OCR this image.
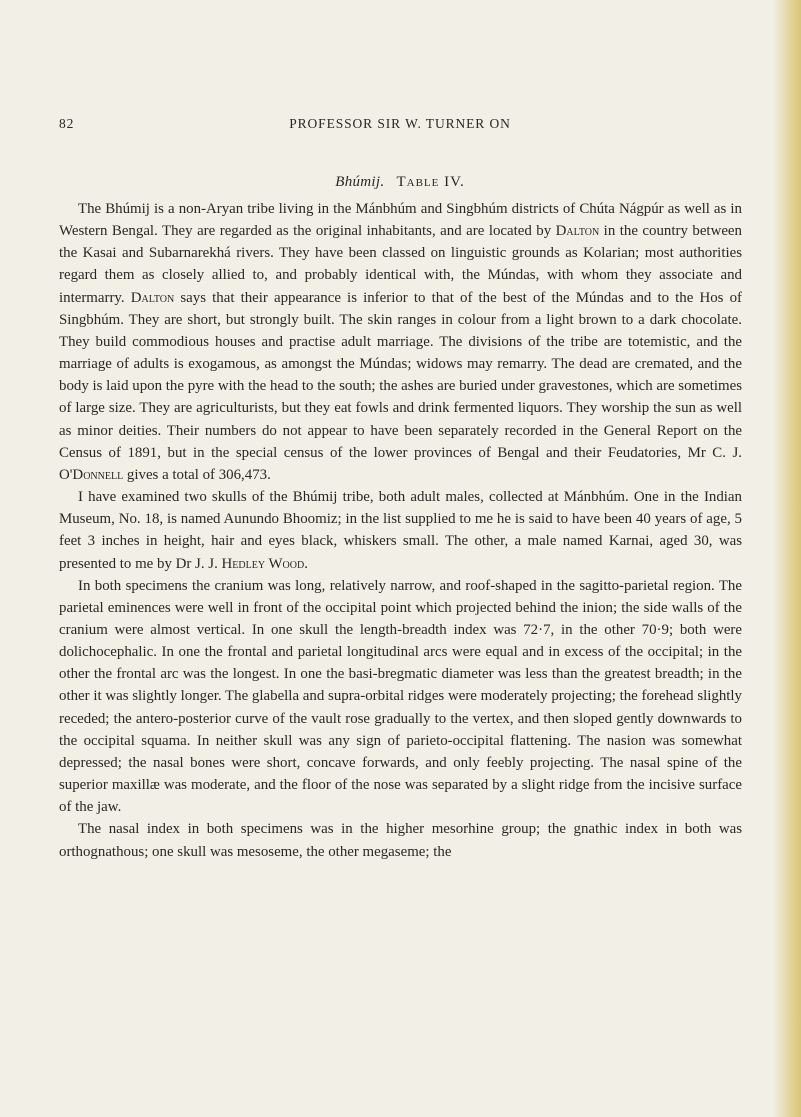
82	PROFESSOR SIR W. TURNER ON
Bhúmij. Table IV.

The Bhúmij is a non-Aryan tribe living in the Mánbhúm and Singbhúm districts of Chúta Nágpúr as well as in Western Bengal. They are regarded as the original inhabitants, and are located by Dalton in the country between the Kasai and Subarnarekhá rivers. They have been classed on linguistic grounds as Kolarian; most authorities regard them as closely allied to, and probably identical with, the Múndas, with whom they associate and intermarry. Dalton says that their appearance is inferior to that of the best of the Múndas and to the Hos of Singbhúm. They are short, but strongly built. The skin ranges in colour from a light brown to a dark chocolate. They build commodious houses and practise adult marriage. The divisions of the tribe are totemistic, and the marriage of adults is exogamous, as amongst the Múndas; widows may remarry. The dead are cremated, and the body is laid upon the pyre with the head to the south; the ashes are buried under gravestones, which are sometimes of large size. They are agriculturists, but they eat fowls and drink fermented liquors. They worship the sun as well as minor deities. Their numbers do not appear to have been separately recorded in the General Report on the Census of 1891, but in the special census of the lower provinces of Bengal and their Feudatories, Mr C. J. O'Donnell gives a total of 306,473.

I have examined two skulls of the Bhúmij tribe, both adult males, collected at Mánbhúm. One in the Indian Museum, No. 18, is named Aunundo Bhoomiz; in the list supplied to me he is said to have been 40 years of age, 5 feet 3 inches in height, hair and eyes black, whiskers small. The other, a male named Karnai, aged 30, was presented to me by Dr J. J. Hedley Wood.

In both specimens the cranium was long, relatively narrow, and roof-shaped in the sagitto-parietal region. The parietal eminences were well in front of the occipital point which projected behind the inion; the side walls of the cranium were almost vertical. In one skull the length-breadth index was 72·7, in the other 70·9; both were dolichocephalic. In one the frontal and parietal longitudinal arcs were equal and in excess of the occipital; in the other the frontal arc was the longest. In one the basi-bregmatic diameter was less than the greatest breadth; in the other it was slightly longer. The glabella and supra-orbital ridges were moderately projecting; the forehead slightly receded; the antero-posterior curve of the vault rose gradually to the vertex, and then sloped gently downwards to the occipital squama. In neither skull was any sign of parieto-occipital flattening. The nasion was somewhat depressed; the nasal bones were short, concave forwards, and only feebly projecting. The nasal spine of the superior maxillæ was moderate, and the floor of the nose was separated by a slight ridge from the incisive surface of the jaw.

The nasal index in both specimens was in the higher mesorhine group; the gnathic index in both was orthognathous; one skull was mesoseme, the other megaseme; the
